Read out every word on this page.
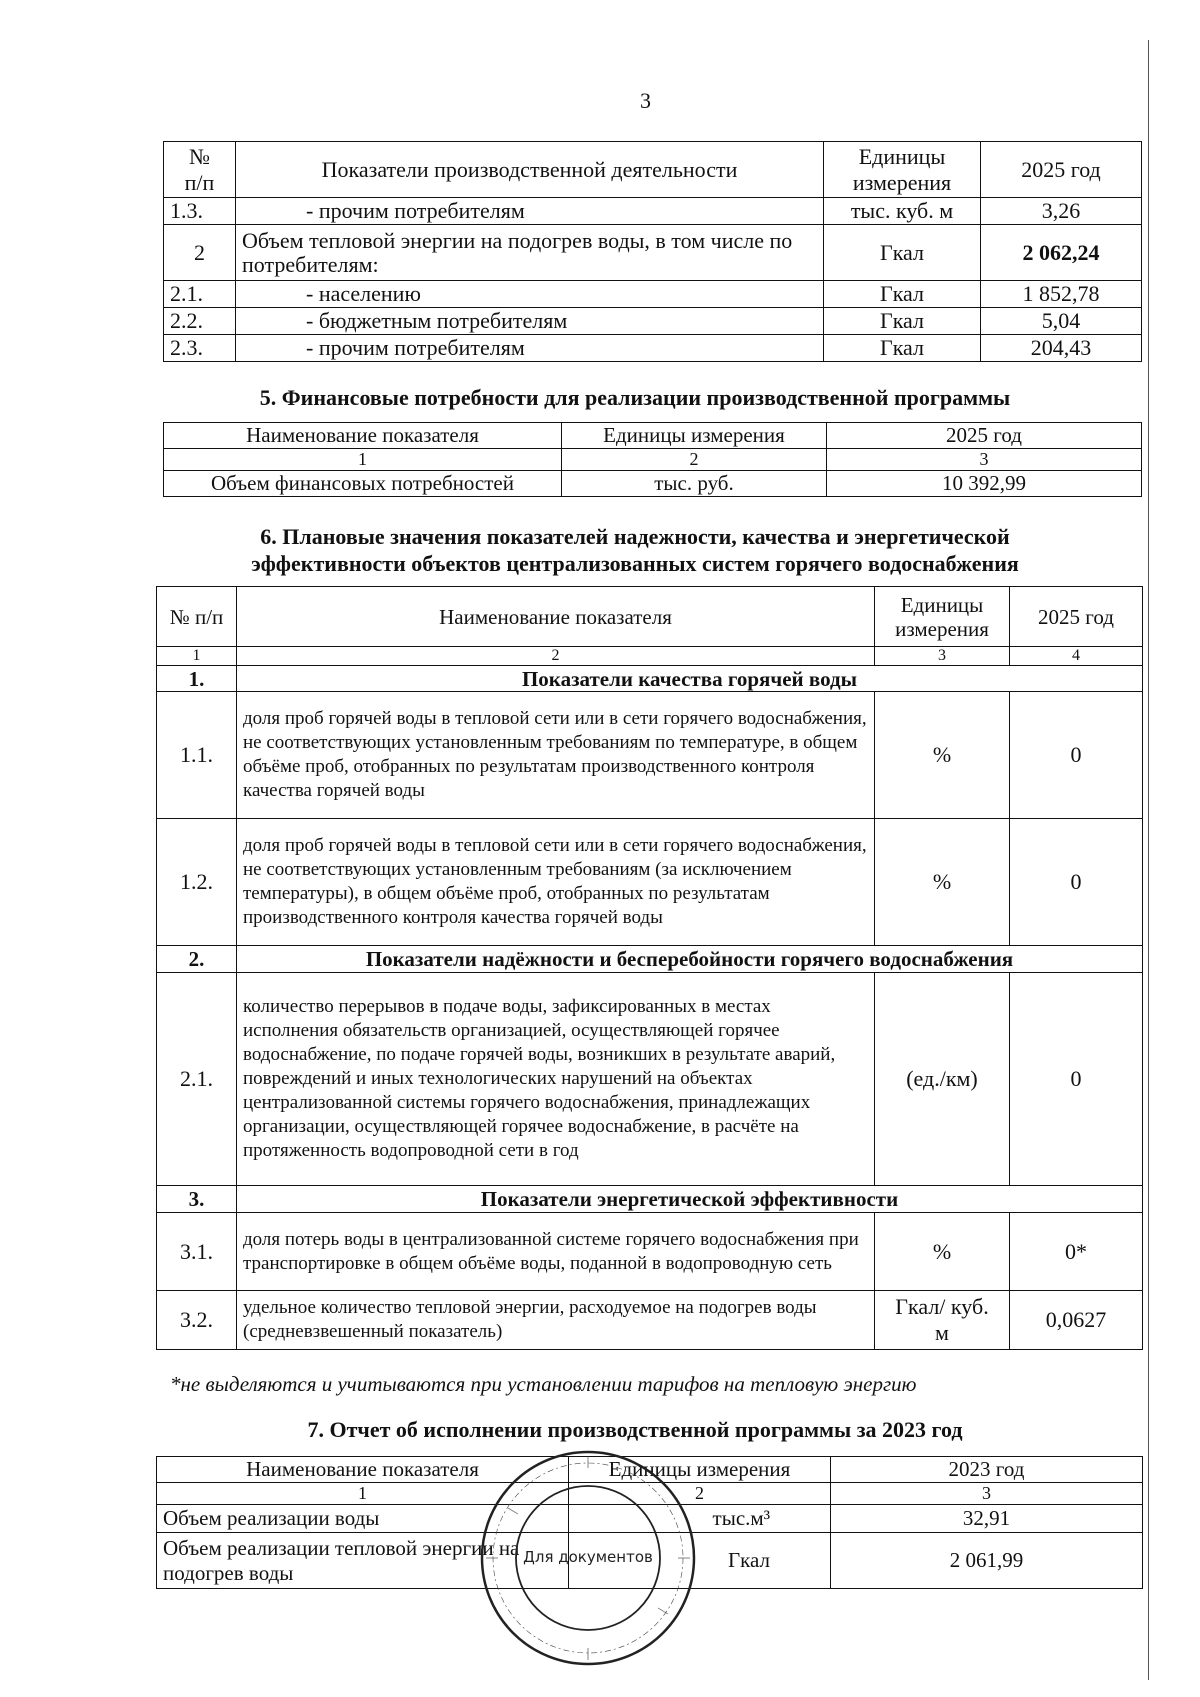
3
№
п/п	Показатели производственной деятельности	Единицы измерения	2025 год
1.3.	- прочим потребителям	тыс. куб. м	3,26
2	Объем тепловой энергии на подогрев воды, в том числе по потребителям:	Гкал	2 062,24
2.1.	- населению	Гкал	1 852,78
2.2.	- бюджетным потребителям	Гкал	5,04
2.3.	- прочим потребителям	Гкал	204,43
5. Финансовые потребности для реализации производственной программы
Наименование показателя	Единицы измерения	2025 год
1	2	3
Объем финансовых потребностей	тыс. руб.	10 392,99
6. Плановые значения показателей надежности, качества и энергетической
эффективности объектов централизованных систем горячего водоснабжения
№ п/п	Наименование показателя	Единицы измерения	2025 год
1	2	3	4
1.	Показатели качества горячей воды		
1.1.	доля проб горячей воды в тепловой сети или в сети горячего водоснабжения, не соответствующих установленным требованиям по температуре, в общем объёме проб, отобранных по результатам производственного контроля качества горячей воды	%	0
1.2.	доля проб горячей воды в тепловой сети или в сети горячего водоснабжения, не соответствующих установленным требованиям (за исключением температуры), в общем объёме проб, отобранных по результатам производственного контроля качества горячей воды	%	0
2.	Показатели надёжности и бесперебойности горячего водоснабжения		
2.1.	количество перерывов в подаче воды, зафиксированных в местах исполнения обязательств организацией, осуществляющей горячее водоснабжение, по подаче горячей воды, возникших в результате аварий, повреждений и иных технологических нарушений на объектах централизованной системы горячего водоснабжения, принадлежащих организации, осуществляющей горячее водоснабжение, в расчёте на протяженность водопроводной сети в год	(ед./км)	0
3.	Показатели энергетической эффективности		
3.1.	доля потерь воды в централизованной системе горячего водоснабжения при транспортировке в общем объёме воды, поданной в водопроводную сеть	%	0*
3.2.	удельное количество тепловой энергии, расходуемое на подогрев воды (средневзвешенный показатель)	Гкал/ куб. м	0,0627
*не выделяются и учитываются при установлении тарифов на тепловую энергию
7. Отчет об исполнении производственной программы за 2023 год
Наименование показателя	Единицы измерения	2023 год
1	2	3
Объем реализации воды	тыс.м³	32,91
Объем реализации тепловой энергии на подогрев воды	Гкал	2 061,99
Для документов
